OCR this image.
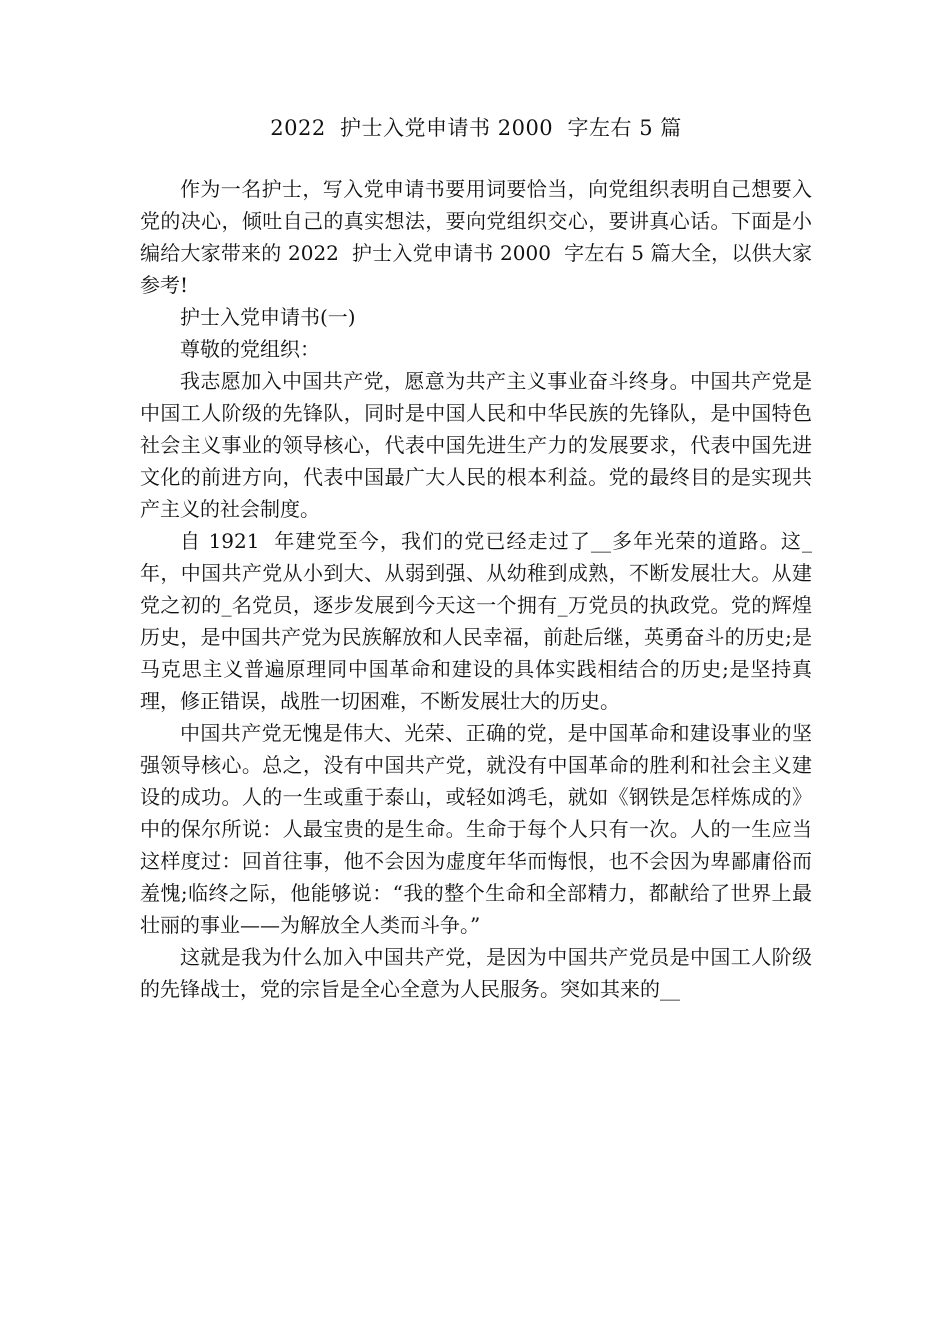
2022  护士入党申请书 2000  字左右 5 篇

作为一名护士，写入党申请书要用词要恰当，向党组织表明自己想要入党的决心，倾吐自己的真实想法，要向党组织交心，要讲真心话。下面是小编给大家带来的 2022  护士入党申请书 2000  字左右 5 篇大全，以供大家参考!

护士入党申请书(一)

尊敬的党组织：

我志愿加入中国共产党，愿意为共产主义事业奋斗终身。中国共产党是中国工人阶级的先锋队，同时是中国人民和中华民族的先锋队，是中国特色社会主义事业的领导核心，代表中国先进生产力的发展要求，代表中国先进文化的前进方向，代表中国最广大人民的根本利益。党的最终目的是实现共产主义的社会制度。

自 1921  年建党至今，我们的党已经走过了__多年光荣的道路。这_年，中国共产党从小到大、从弱到强、从幼稚到成熟，不断发展壮大。从建党之初的_名党员，逐步发展到今天这一个拥有_万党员的执政党。党的辉煌历史，是中国共产党为民族解放和人民幸福，前赴后继，英勇奋斗的历史;是马克思主义普遍原理同中国革命和建设的具体实践相结合的历史;是坚持真理，修正错误，战胜一切困难，不断发展壮大的历史。

中国共产党无愧是伟大、光荣、正确的党，是中国革命和建设事业的坚强领导核心。总之，没有中国共产党，就没有中国革命的胜利和社会主义建设的成功。人的一生或重于泰山，或轻如鸿毛，就如《钢铁是怎样炼成的》中的保尔所说：人最宝贵的是生命。生命于每个人只有一次。人的一生应当这样度过：回首往事，他不会因为虚度年华而悔恨，也不会因为卑鄙庸俗而羞愧;临终之际，他能够说：“我的整个生命和全部精力，都献给了世界上最壮丽的事业——为解放全人类而斗争。”

这就是我为什么加入中国共产党，是因为中国共产党员是中国工人阶级的先锋战士，党的宗旨是全心全意为人民服务。突如其来的__
